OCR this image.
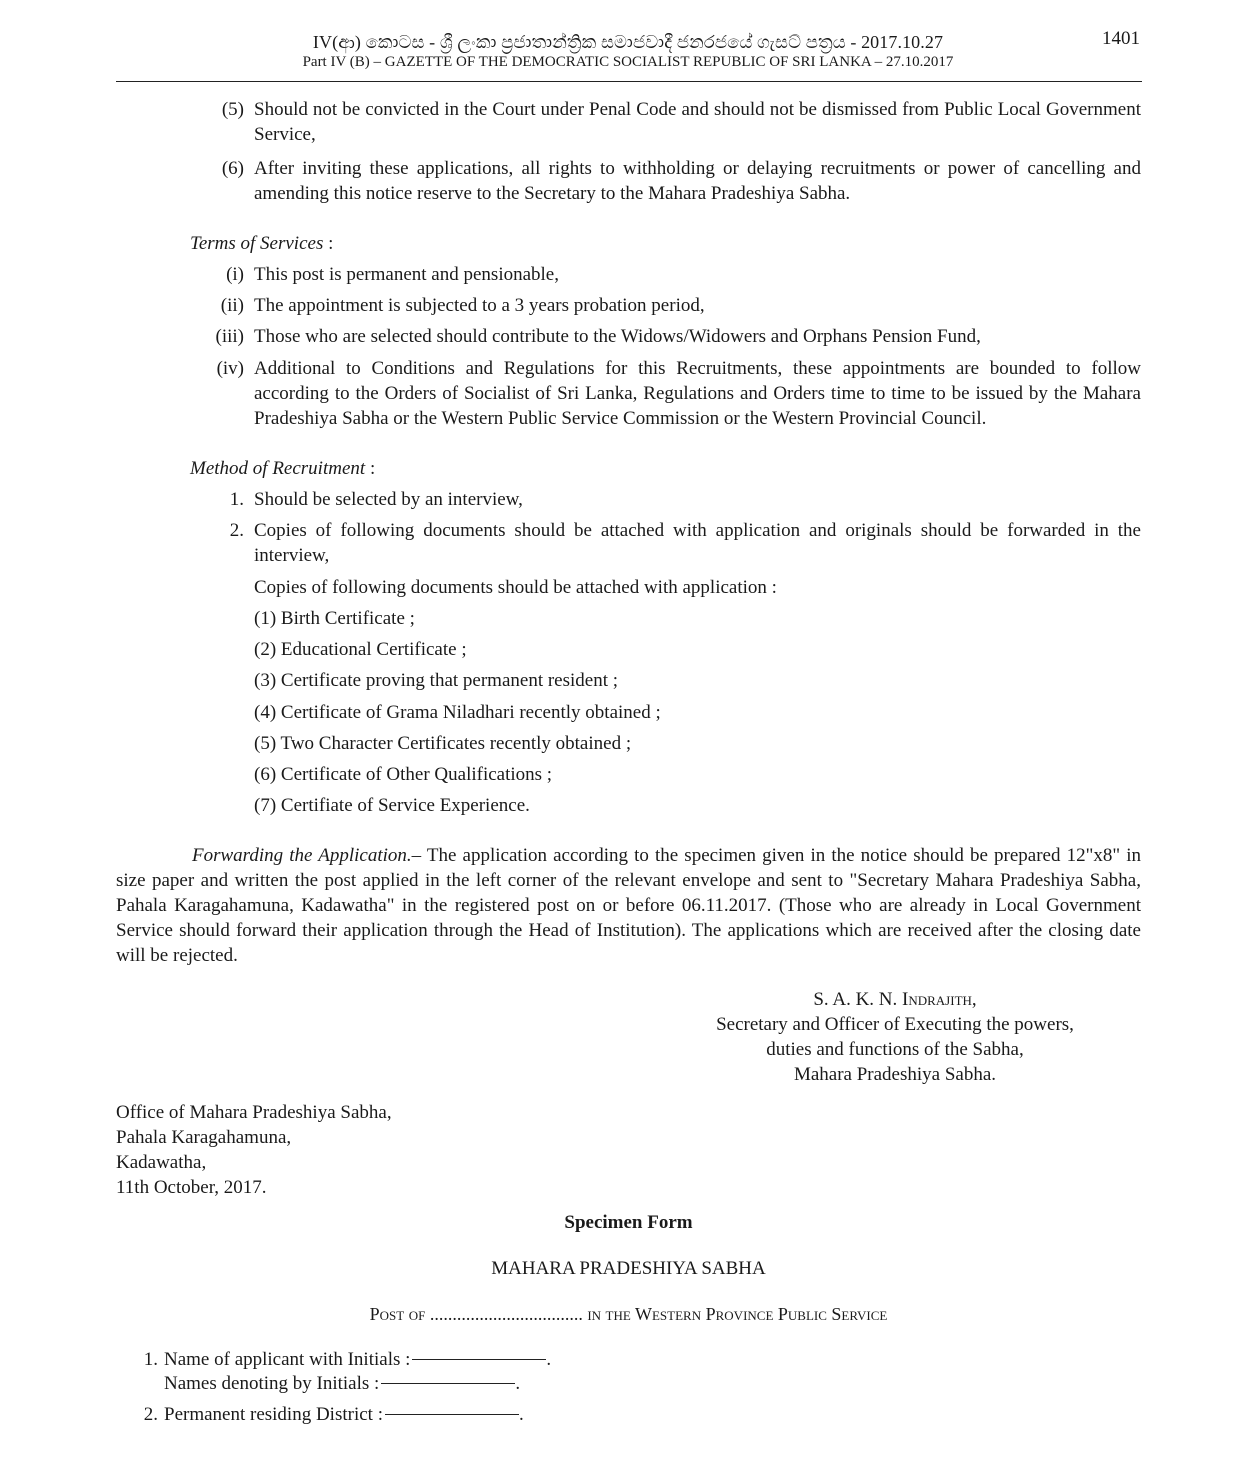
IV(ආ) කොටස - ශ්‍රී ලංකා ප්‍රජාතාන්ත්‍රික සමාජවාදී ජනරජයේ ගැසට් පත්‍රය - 2017.10.27	1401
Part IV (B) – GAZETTE OF THE DEMOCRATIC SOCIALIST REPUBLIC OF SRI LANKA – 27.10.2017
(5) Should not be convicted in the Court under Penal Code and should not be dismissed from Public Local Government Service,
(6) After inviting these applications, all rights to withholding or delaying recruitments or power of cancelling and amending this notice reserve to the Secretary to the Mahara Pradeshiya Sabha.
Terms of Services :
(i) This post is permanent and pensionable,
(ii) The appointment is subjected to a 3 years probation period,
(iii) Those who are selected should contribute to the Widows/Widowers and Orphans Pension Fund,
(iv) Additional to Conditions and Regulations for this Recruitments, these appointments are bounded to follow according to the Orders of Socialist of Sri Lanka, Regulations and Orders time to time to be issued by the Mahara Pradeshiya Sabha or the Western Public Service Commission or the Western Provincial Council.
Method of Recruitment :
1. Should be selected by an interview,
2. Copies of following documents should be attached with application and originals should be forwarded in the interview,
Copies of following documents should be attached with application :
(1) Birth Certificate ;
(2) Educational Certificate ;
(3) Certificate proving that permanent resident ;
(4) Certificate of Grama Niladhari recently obtained ;
(5) Two Character Certificates recently obtained ;
(6) Certificate of Other Qualifications ;
(7) Certifiate of Service Experience.
Forwarding the Application.– The application according to the specimen given in the notice should be prepared 12"x8" in size paper and written the post applied in the left corner of the relevant envelope and sent to "Secretary Mahara Pradeshiya Sabha, Pahala Karagahamuna, Kadawatha" in the registered post on or before 06.11.2017. (Those who are already in Local Government Service should forward their application through the Head of Institution). The applications which are received after the closing date will be rejected.
S. A. K. N. Indrajith,
Secretary and Officer of Executing the powers,
duties and functions of the Sabha,
Mahara Pradeshiya Sabha.
Office of Mahara Pradeshiya Sabha,
Pahala Karagahamuna,
Kadawatha,
11th October, 2017.
Specimen Form
MAHARA PRADESHIYA SABHA
Post of .................................. in the Western Province Public Service
1. Name of applicant with Initials :	.
Names denoting by Initials :	.
2. Permanent residing District :	.
